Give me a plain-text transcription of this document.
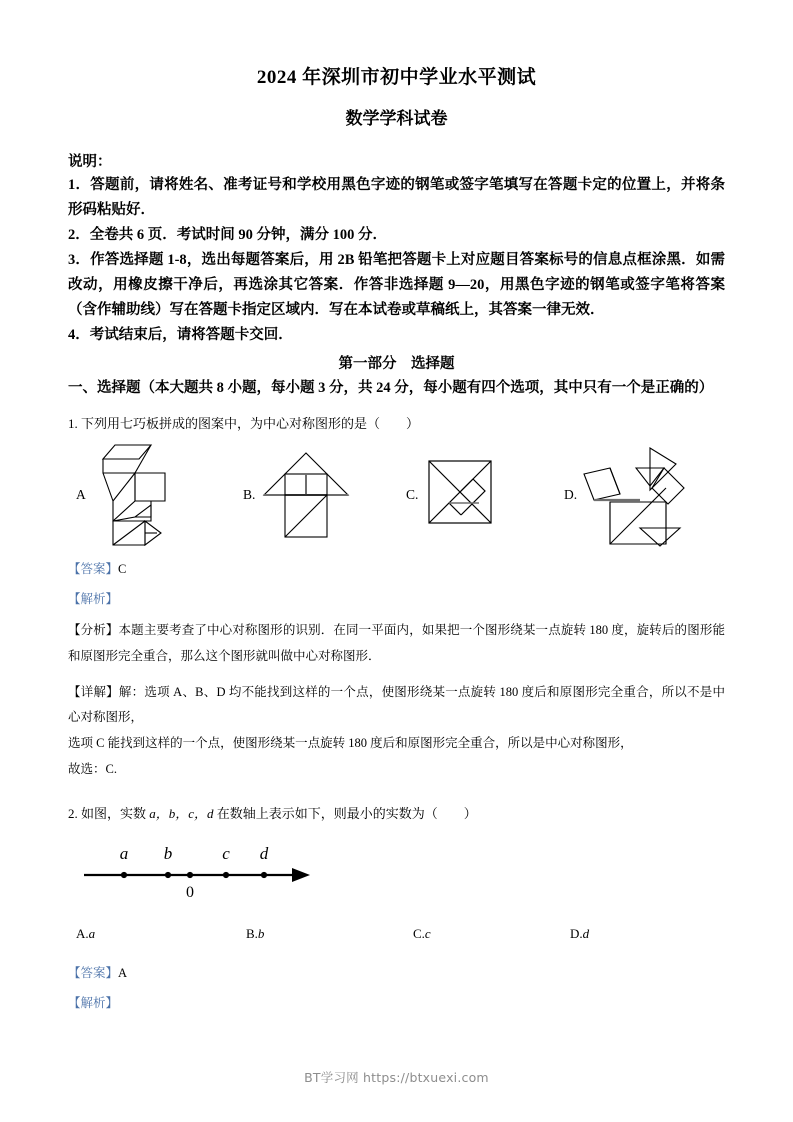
2024 年深圳市初中学业水平测试
数学学科试卷

说明：

1．答题前，请将姓名、准考证号和学校用黑色字迹的钢笔或签字笔填写在答题卡定的位置上，并将条形码粘贴好．

2．全卷共 6 页．考试时间 90 分钟，满分 100 分．

3．作答选择题 1-8，选出每题答案后，用 2B 铅笔把答题卡上对应题目答案标号的信息点框涂黑．如需改动，用橡皮擦干净后，再选涂其它答案．作答非选择题 9—20，用黑色字迹的钢笔或签字笔将答案（含作辅助线）写在答题卡指定区域内．写在本试卷或草稿纸上，其答案一律无效．

4．考试结束后，请将答题卡交回．

第一部分　选择题

一、选择题（本大题共 8 小题，每小题 3 分，共 24 分，每小题有四个选项，其中只有一个是正确的）

1. 下列用七巧板拼成的图案中，为中心对称图形的是（　　）

A	B.	C.	D.

【答案】C

【解析】

【分析】本题主要考查了中心对称图形的识别．在同一平面内，如果把一个图形绕某一点旋转 180 度，旋转后的图形能和原图形完全重合，那么这个图形就叫做中心对称图形．

【详解】解：选项 A、B、D 均不能找到这样的一个点，使图形绕某一点旋转 180 度后和原图形完全重合，所以不是中心对称图形，

选项 C 能找到这样的一个点，使图形绕某一点旋转 180 度后和原图形完全重合，所以是中心对称图形，

故选：C.

2. 如图，实数 a，b，c，d 在数轴上表示如下，则最小的实数为（　　）

a b	c d
0
A.a	B.b	C.c	D.d

【答案】A

【解析】

BT学习网 https://btxuexi.com
